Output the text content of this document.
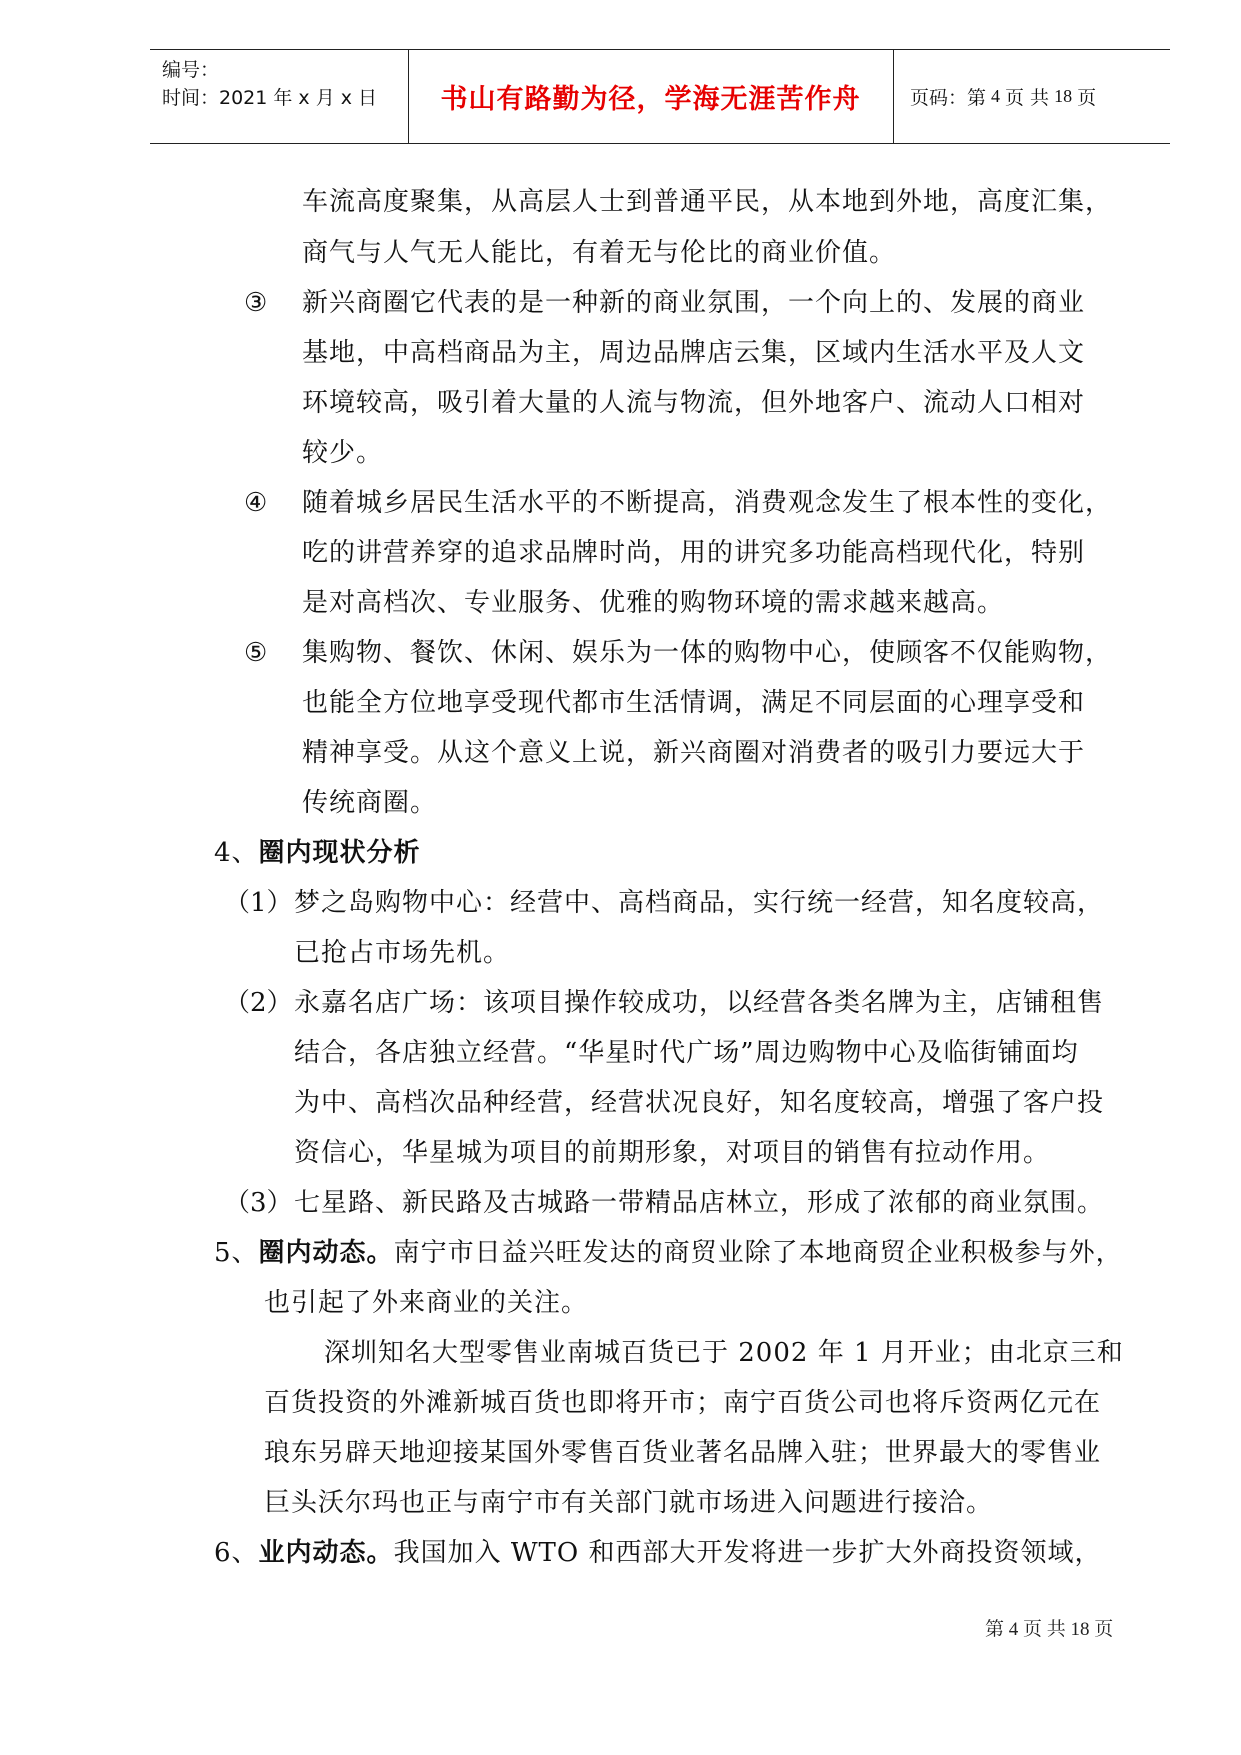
编号：
时间：2021 年 x 月 x 日	书山有路勤为径，学海无涯苦作舟	页码：第 4 页 共 18 页
车流高度聚集，从高层人士到普通平民，从本地到外地，高度汇集，
商气与人气无人能比，有着无与伦比的商业价值。
③ 新兴商圈它代表的是一种新的商业氛围，一个向上的、发展的商业
基地，中高档商品为主，周边品牌店云集，区域内生活水平及人文
环境较高，吸引着大量的人流与物流，但外地客户、流动人口相对
较少。
④ 随着城乡居民生活水平的不断提高，消费观念发生了根本性的变化，
吃的讲营养穿的追求品牌时尚，用的讲究多功能高档现代化，特别
是对高档次、专业服务、优雅的购物环境的需求越来越高。
⑤ 集购物、餐饮、休闲、娱乐为一体的购物中心，使顾客不仅能购物，
也能全方位地享受现代都市生活情调，满足不同层面的心理享受和
精神享受。从这个意义上说，新兴商圈对消费者的吸引力要远大于
传统商圈。
4、圈内现状分析
（1） 梦之岛购物中心：经营中、高档商品，实行统一经营，知名度较高，
已抢占市场先机。
（2） 永嘉名店广场：该项目操作较成功，以经营各类名牌为主，店铺租售
结合，各店独立经营。“华星时代广场”周边购物中心及临街铺面均
为中、高档次品种经营，经营状况良好，知名度较高，增强了客户投
资信心，华星城为项目的前期形象，对项目的销售有拉动作用。
（3） 七星路、新民路及古城路一带精品店林立，形成了浓郁的商业氛围。
5、圈内动态。南宁市日益兴旺发达的商贸业除了本地商贸企业积极参与外，
也引起了外来商业的关注。
深圳知名大型零售业南城百货已于 2002 年 1 月开业；由北京三和
百货投资的外滩新城百货也即将开市；南宁百货公司也将斥资两亿元在
琅东另辟天地迎接某国外零售百货业著名品牌入驻；世界最大的零售业
巨头沃尔玛也正与南宁市有关部门就市场进入问题进行接洽。
6、业内动态。我国加入 WTO 和西部大开发将进一步扩大外商投资领域，
第 4 页 共 18 页
